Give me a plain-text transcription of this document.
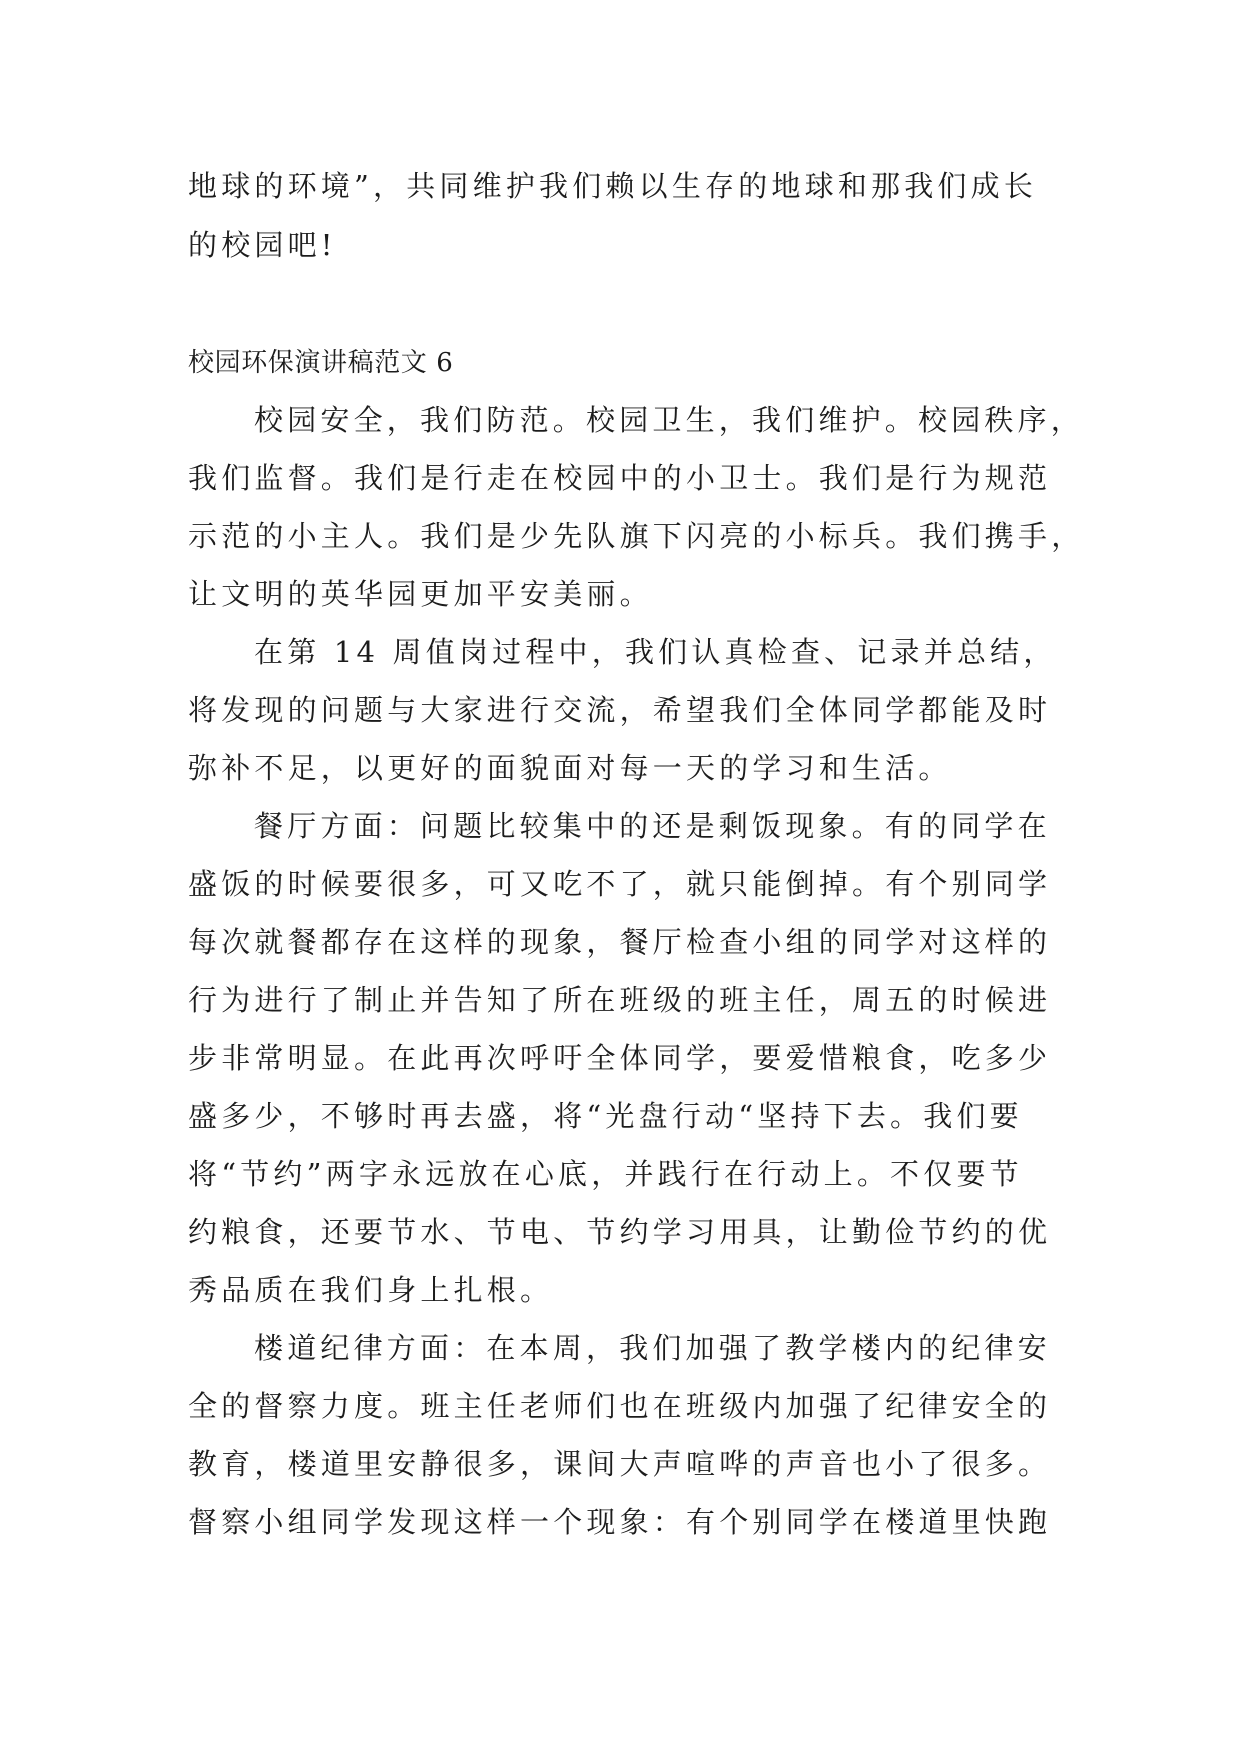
地球的环境”，共同维护我们赖以生存的地球和那我们成长
的校园吧!
校园环保演讲稿范文 6
校园安全，我们防范。校园卫生，我们维护。校园秩序，
我们监督。我们是行走在校园中的小卫士。我们是行为规范
示范的小主人。我们是少先队旗下闪亮的小标兵。我们携手，
让文明的英华园更加平安美丽。
在第 14 周值岗过程中，我们认真检查、记录并总结，
将发现的问题与大家进行交流，希望我们全体同学都能及时
弥补不足，以更好的面貌面对每一天的学习和生活。
餐厅方面：问题比较集中的还是剩饭现象。有的同学在
盛饭的时候要很多，可又吃不了，就只能倒掉。有个别同学
每次就餐都存在这样的现象，餐厅检查小组的同学对这样的
行为进行了制止并告知了所在班级的班主任，周五的时候进
步非常明显。在此再次呼吁全体同学，要爱惜粮食，吃多少
盛多少，不够时再去盛，将“光盘行动“坚持下去。我们要
将“节约”两字永远放在心底，并践行在行动上。不仅要节
约粮食，还要节水、节电、节约学习用具，让勤俭节约的优
秀品质在我们身上扎根。
楼道纪律方面：在本周，我们加强了教学楼内的纪律安
全的督察力度。班主任老师们也在班级内加强了纪律安全的
教育，楼道里安静很多，课间大声喧哗的声音也小了很多。
督察小组同学发现这样一个现象：有个别同学在楼道里快跑
